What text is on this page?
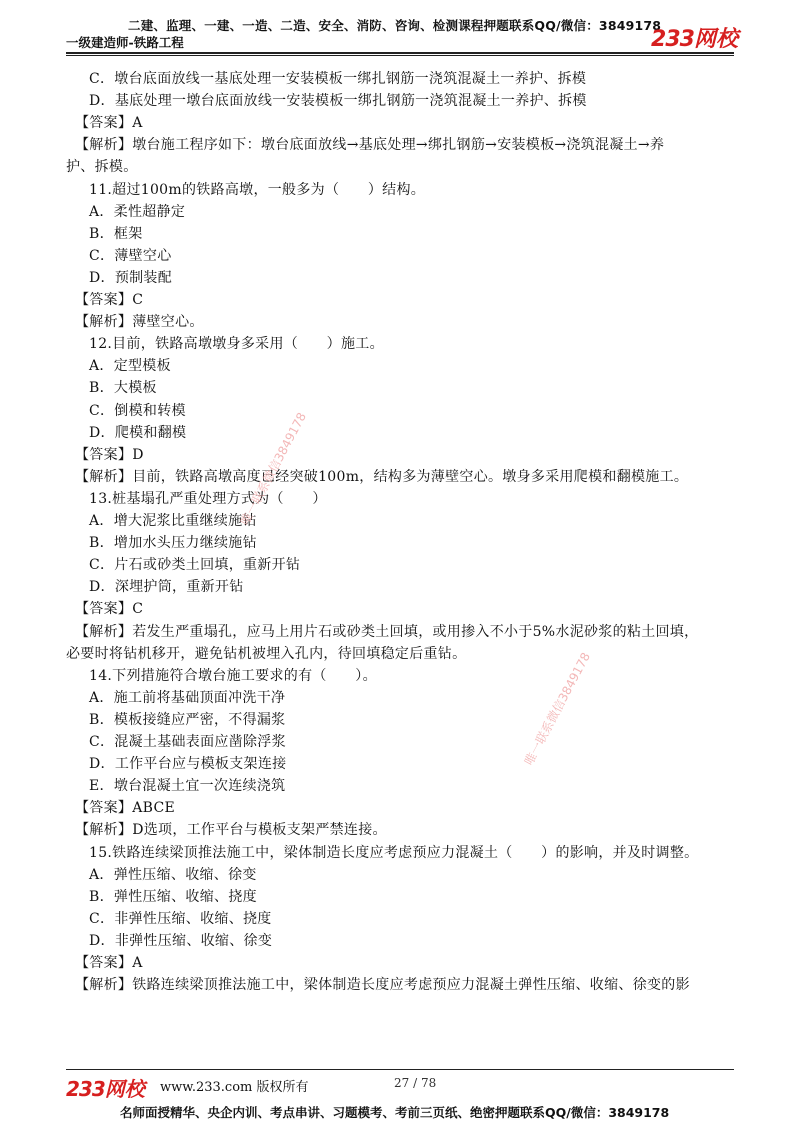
二建、监理、一建、一造、二造、安全、消防、咨询、检测课程押题联系QQ/微信：3849178
一级建造师-铁路工程	233网校
C．墩台底面放线一基底处理一安装模板一绑扎钢筋一浇筑混凝土一养护、拆模
D．基底处理一墩台底面放线一安装模板一绑扎钢筋一浇筑混凝土一养护、拆模
【答案】A
【解析】墩台施工程序如下：墩台底面放线→基底处理→绑扎钢筋→安装模板→浇筑混凝土→养
护、拆模。
11.超过100m的铁路高墩，一般多为（　　）结构。
A．柔性超静定
B．框架
C．薄壁空心
D．预制装配
【答案】C
【解析】薄壁空心。
12.目前，铁路高墩墩身多采用（　　）施工。
A．定型模板
B．大模板
C．倒模和转模
D．爬模和翻模
【答案】D
【解析】目前，铁路高墩高度已经突破100m，结构多为薄壁空心。墩身多采用爬模和翻模施工。
13.桩基塌孔严重处理方式为（　　）
A．增大泥浆比重继续施钻
B．增加水头压力继续施钻
C．片石或砂类土回填，重新开钻
D．深埋护筒，重新开钻
【答案】C
【解析】若发生严重塌孔，应马上用片石或砂类土回填，或用掺入不小于5%水泥砂浆的粘土回填，
必要时将钻机移开，避免钻机被埋入孔内，待回填稳定后重钻。
14.下列措施符合墩台施工要求的有（　　）。
A．施工前将基础顶面冲洗干净
B．模板接缝应严密，不得漏浆
C．混凝土基础表面应凿除浮浆
D．工作平台应与模板支架连接
E．墩台混凝土宜一次连续浇筑
【答案】ABCE
【解析】D选项，工作平台与模板支架严禁连接。
15.铁路连续梁顶推法施工中，梁体制造长度应考虑预应力混凝土（　　）的影响，并及时调整。
A．弹性压缩、收缩、徐变
B．弹性压缩、收缩、挠度
C．非弹性压缩、收缩、挠度
D．非弹性压缩、收缩、徐变
【答案】A
【解析】铁路连续梁顶推法施工中，梁体制造长度应考虑预应力混凝土弹性压缩、收缩、徐变的影
唯一联系微信3849178
唯一联系微信3849178
233网校 www.233.com 版权所有	27 / 78
名师面授精华、央企内训、考点串讲、习题模考、考前三页纸、绝密押题联系QQ/微信：3849178
